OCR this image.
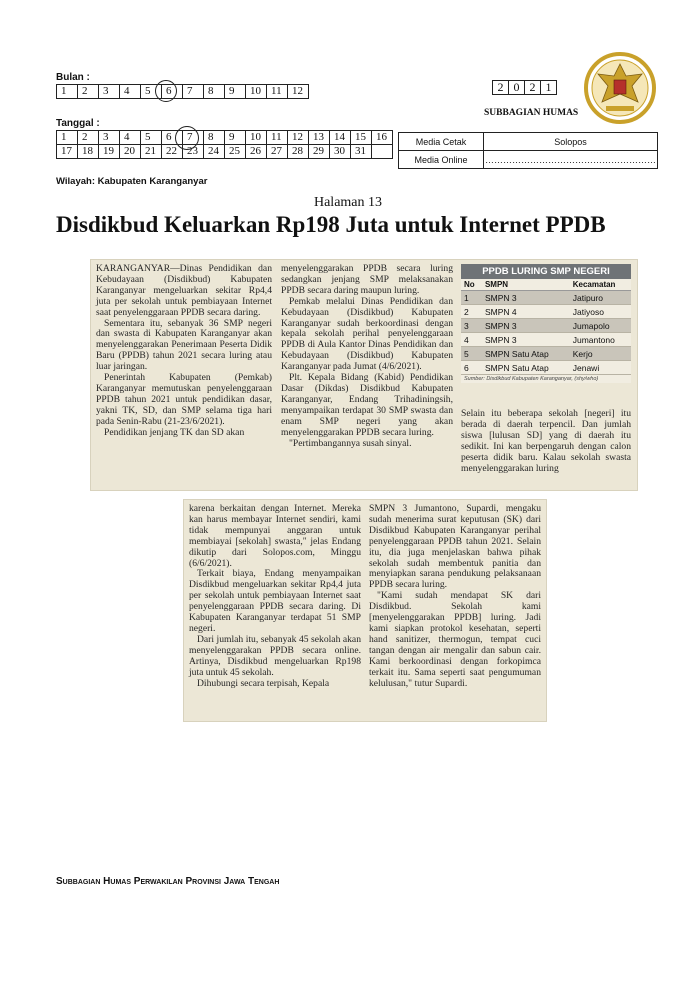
Bulan :
1	2	3	4	5	6	7	8	9	10	11	12
Tanggal :
1	2	3	4	5	6	7	8	9	10	11	12	13	14	15	16
17	18	19	20	21	22	23	24	25	26	27	28	29	30	31	
2	0	2	1
SUBBAGIAN HUMAS
Media Cetak	Solopos
Media Online	…………………………………………………
Wilayah: Kabupaten Karanganyar
Halaman 13
Disdikbud Keluarkan Rp198 Juta untuk Internet PPDB

KARANGANYAR—Dinas Pendidikan dan Kebudayaan (Disdikbud) Kabupaten Karanganyar mengeluarkan sekitar Rp4,4 juta per sekolah untuk pembiayaan Internet saat penyelenggaraan PPDB secara daring.

Sementara itu, sebanyak 36 SMP negeri dan swasta di Kabupaten Karanganyar akan menyelenggarakan Penerimaan Peserta Didik Baru (PPDB) tahun 2021 secara luring atau luar jaringan.

Penerintah Kabupaten (Pemkab) Karanganyar memutuskan penyelenggaraan PPDB tahun 2021 untuk pendidikan dasar, yakni TK, SD, dan SMP selama tiga hari pada Senin-Rabu (21-23/6/2021).

Pendidikan jenjang TK dan SD akan

menyelenggarakan PPDB secara luring sedangkan jenjang SMP melaksanakan PPDB secara daring maupun luring.

Pemkab melalui Dinas Pendidikan dan Kebudayaan (Disdikbud) Kabupaten Karanganyar sudah berkoordinasi dengan kepala sekolah perihal penyelenggaraan PPDB di Aula Kantor Dinas Pendidikan dan Kebudayaan (Disdikbud) Kabupaten Karanganyar pada Jumat (4/6/2021).

Plt. Kepala Bidang (Kabid) Pendidikan Dasar (Dikdas) Disdikbud Kabupaten Karanganyar, Endang Trihadiningsih, menyampaikan terdapat 30 SMP swasta dan enam SMP negeri yang akan menyelenggarakan PPDB secara luring.

"Pertimbangannya susah sinyal.

PPDB LURING SMP NEGERI
No	SMPN	Kecamatan
1	SMPN 3	Jatipuro
2	SMPN 4	Jatiyoso
3	SMPN 3	Jumapolo
4	SMPN 3	Jumantono
5	SMPN Satu Atap	Kerjo
6	SMPN Satu Atap	Jenawi
Sumber: Disdikbud Kabupaten Karanganyar, (shy/who)

Selain itu beberapa sekolah [negeri] itu berada di daerah terpencil. Dan jumlah siswa [lulusan SD] yang di daerah itu sedikit. Ini kan berpengaruh dengan calon peserta didik baru. Kalau sekolah swasta menyelenggarakan luring

karena berkaitan dengan Internet. Mereka kan harus membayar Internet sendiri, kami tidak mempunyai anggaran untuk membiayai [sekolah] swasta," jelas Endang dikutip dari Solopos.com, Minggu (6/6/2021).

Terkait biaya, Endang menyampaikan Disdikbud mengeluarkan sekitar Rp4,4 juta per sekolah untuk pembiayaan Internet saat penyelenggaraan PPDB secara daring. Di Kabupaten Karanganyar terdapat 51 SMP negeri.

Dari jumlah itu, sebanyak 45 sekolah akan menyelenggarakan PPDB secara online. Artinya, Disdikbud mengeluarkan Rp198 juta untuk 45 sekolah.

Dihubungi secara terpisah, Kepala

SMPN 3 Jumantono, Supardi, mengaku sudah menerima surat keputusan (SK) dari Disdikbud Kabupaten Karanganyar perihal penyelenggaraan PPDB tahun 2021. Selain itu, dia juga menjelaskan bahwa pihak sekolah sudah membentuk panitia dan menyiapkan sarana pendukung pelaksanaan PPDB secara luring.

"Kami sudah mendapat SK dari Disdikbud. Sekolah kami [menyelenggarakan PPDB] luring. Jadi kami siapkan protokol kesehatan, seperti hand sanitizer, thermogun, tempat cuci tangan dengan air mengalir dan sabun cair. Kami berkoordinasi dengan forkopimca terkait itu. Sama seperti saat pengumuman kelulusan," tutur Supardi.

Subbagian Humas Perwakilan Provinsi Jawa Tengah
